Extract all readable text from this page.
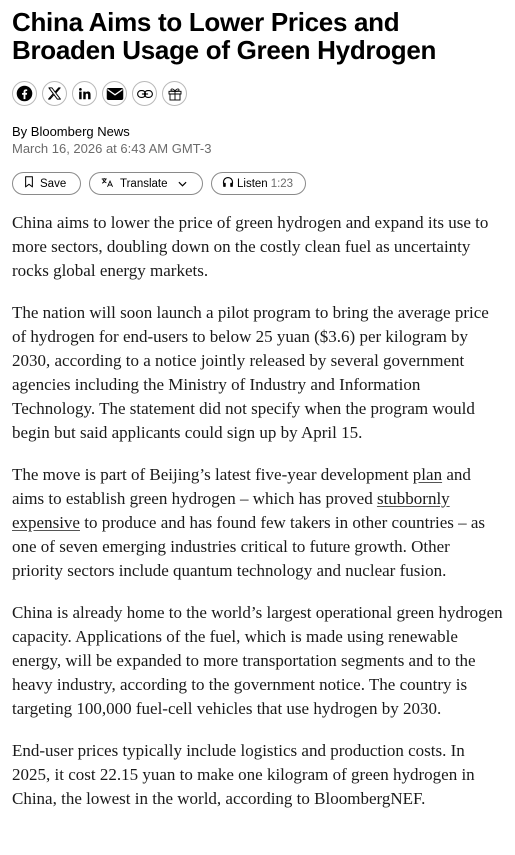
China Aims to Lower Prices and Broaden Usage of Green Hydrogen
By Bloomberg News
March 16, 2026 at 6:43 AM GMT-3
Save	Translate	Listen 1:23

China aims to lower the price of green hydrogen and expand its use to more sectors, doubling down on the costly clean fuel as uncertainty rocks global energy markets.

The nation will soon launch a pilot program to bring the average price of hydrogen for end-users to below 25 yuan ($3.6) per kilogram by 2030, according to a notice jointly released by several government agencies including the Ministry of Industry and Information Technology. The statement did not specify when the program would begin but said applicants could sign up by April 15.

The move is part of Beijing’s latest five-year development plan and aims to establish green hydrogen – which has proved stubbornly expensive to produce and has found few takers in other countries – as one of seven emerging industries critical to future growth. Other priority sectors include quantum technology and nuclear fusion.

China is already home to the world’s largest operational green hydrogen capacity. Applications of the fuel, which is made using renewable energy, will be expanded to more transportation segments and to the heavy industry, according to the government notice. The country is targeting 100,000 fuel-cell vehicles that use hydrogen by 2030.

End-user prices typically include logistics and production costs. In 2025, it cost 22.15 yuan to make one kilogram of green hydrogen in China, the lowest in the world, according to BloombergNEF.
